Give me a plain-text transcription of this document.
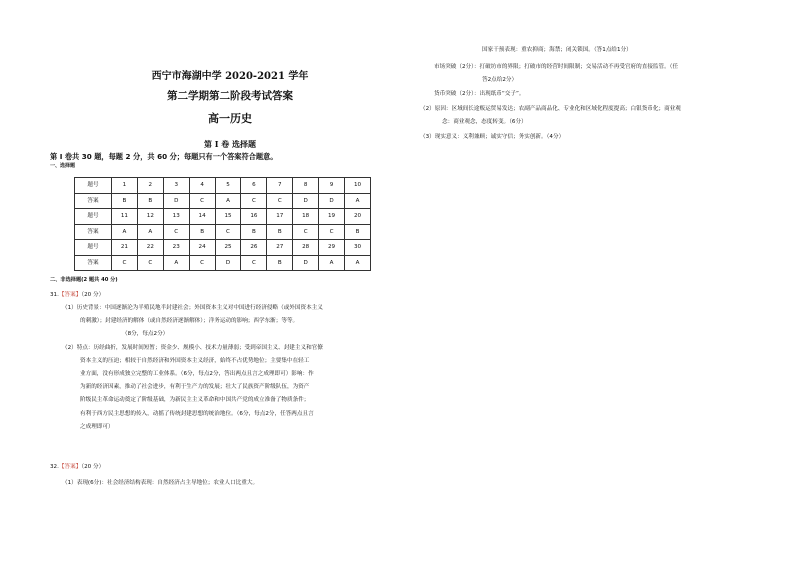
西宁市海湖中学 2020-2021 学年
第二学期第二阶段考试答案
高一历史
第 I 卷 选择题
第 I 卷共 30 题，每题 2 分，共 60 分；每题只有一个答案符合题意。
一、选择题
题号	1	2	3	4	5	6	7	8	9	10
答案	B	B	D	C	A	C	C	D	D	A
题号	11	12	13	14	15	16	17	18	19	20
答案	A	A	C	B	C	B	B	C	C	B
题号	21	22	23	24	25	26	27	28	29	30
答案	C	C	A	C	D	C	B	D	A	A
二、非选择题(2 题共 40 分)
31.【答案】（20 分）
（1）历史背景：中国逐渐沦为半殖民地半封建社会；外国资本主义对中国进行经济侵略（或外国资本主义
的刺激）；封建经济的解体（或自然经济逐渐解体）；洋务运动的影响；西学东渐；等等。
（8分，每点2分）
（2）特点：历经曲折，发展时间短暂；资金少、规模小、技术力量薄弱；受到帝国主义、封建主义和官僚
资本主义的压迫；相较于自然经济和外国资本主义经济，始终不占优势地位；主要集中在轻工
业方面，没有形成独立完整的工业体系。（6分，每点2分，答出两点且言之成理即可）影响：作
为新的经济因素，推动了社会进步，有利于生产力的发展；壮大了民族资产阶级队伍，为资产
阶级民主革命运动奠定了阶级基础，为新民主主义革命和中国共产党的成立准备了物质条件；
有利于西方民主思想的传入，动摇了传统封建思想的统治地位。（6分，每点2分，任答两点且言
之成理即可）
32.【答案】（20 分）
（1）表现(6分)：社会经济结构表现：自然经济占主导地位；农业人口比重大。
国家干预表现：重农抑商；海禁；闭关锁国。（答1点给1分）
市场突破（2分）：打破坊市的界限；打破市的经营时间限制；交易活动不再受官府的直接监管。（任
答2点给2分）
货币突破（2分）：出现纸币“交子”。
（2）原因：区域间长途贩运贸易发达；农副产品商品化、专业化和区域化程度提高；白银货币化；商业观
念：商业观念，态度转变。（6分）
（3）现实意义：义利兼顾；诚实守信；务实创新。（4分）
